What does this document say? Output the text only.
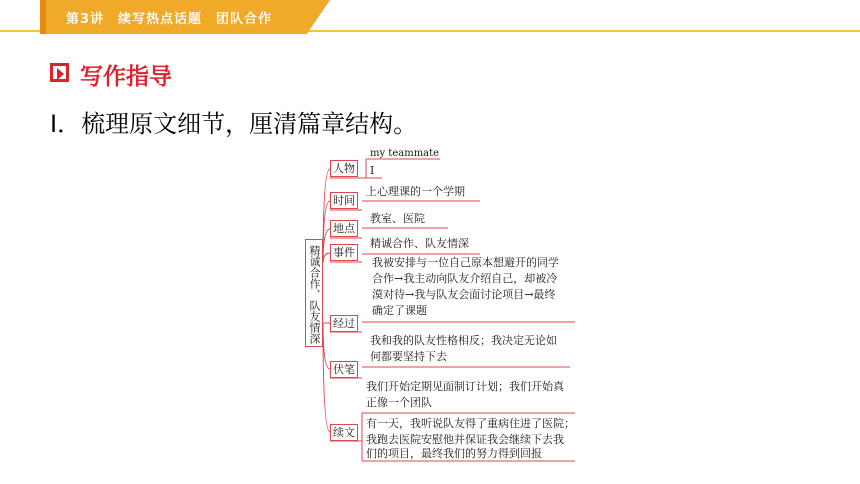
第3讲　续写热点话题　团队合作
写作指导
Ⅰ．梳理原文细节，厘清篇章结构。
精诚合作、队友情深
人物
my teammate
I
时间
上心理课的一个学期
地点
教室、医院
事件
精诚合作、队友情深
经过
我被安排与一位自己原本想避开的同学
合作→我主动向队友介绍自己，却被冷
漠对待→我与队友会面讨论项目→最终
确定了课题
伏笔
我和我的队友性格相反；我决定无论如
何都要坚持下去
续文
我们开始定期见面制订计划；我们开始真
正像一个团队
有一天，我听说队友得了重病住进了医院；
我跑去医院安慰他并保证我会继续下去我
们的项目，最终我们的努力得到回报
